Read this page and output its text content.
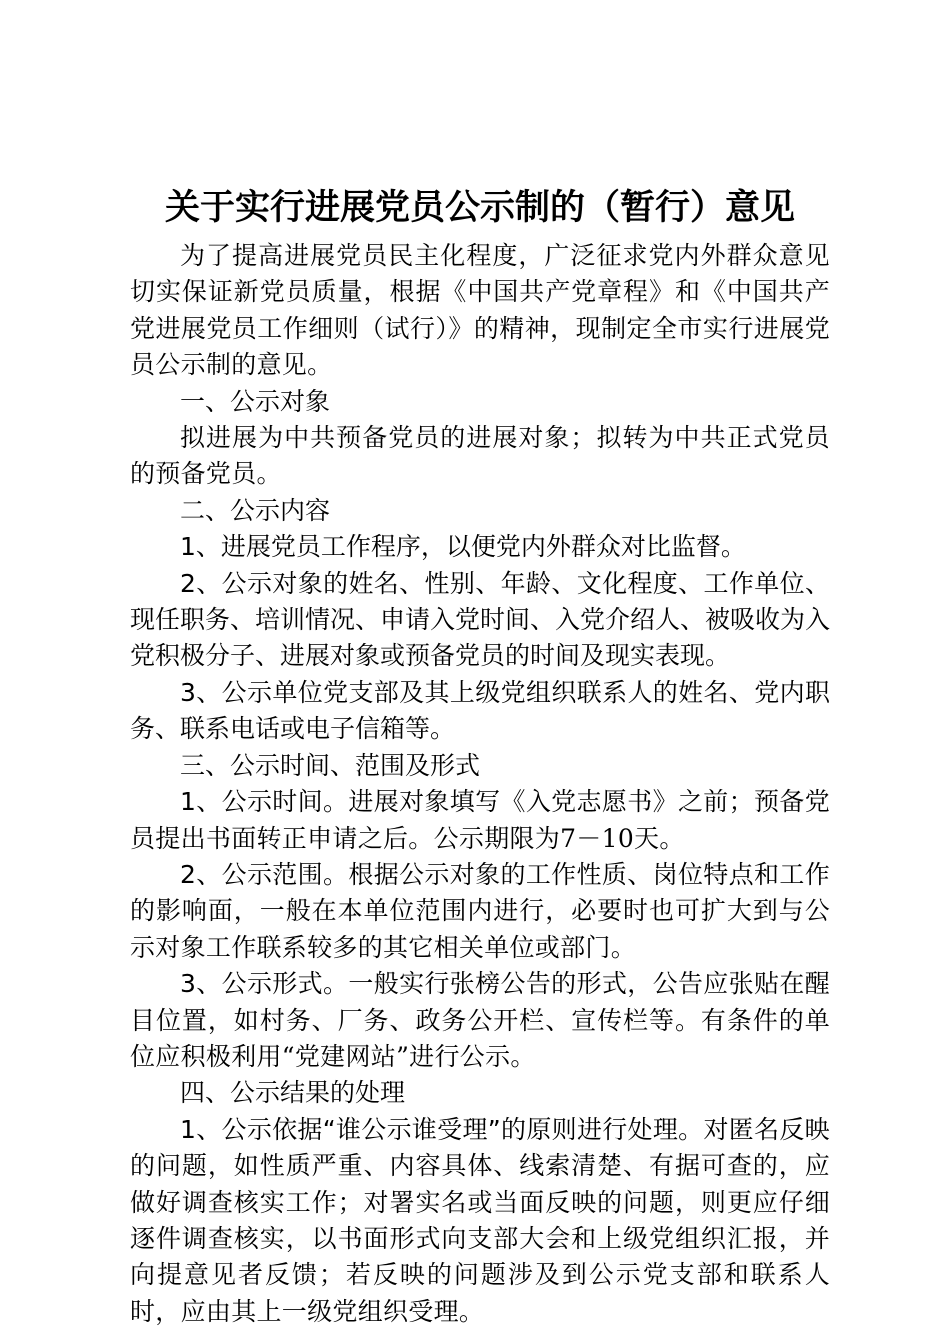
关于实行进展党员公示制的（暂行）意见

为了提高进展党员民主化程度，广泛征求党内外群众意见切实保证新党员质量，根据《中国共产党章程》和《中国共产党进展党员工作细则（试行）》的精神，现制定全市实行进展党员公示制的意见。

一、公示对象

拟进展为中共预备党员的进展对象；拟转为中共正式党员的预备党员。

二、公示内容

1、进展党员工作程序，以便党内外群众对比监督。

2、公示对象的姓名、性别、年龄、文化程度、工作单位、现任职务、培训情况、申请入党时间、入党介绍人、被吸收为入党积极分子、进展对象或预备党员的时间及现实表现。

3、公示单位党支部及其上级党组织联系人的姓名、党内职务、联系电话或电子信箱等。

三、公示时间、范围及形式

1、公示时间。进展对象填写《入党志愿书》之前；预备党员提出书面转正申请之后。公示期限为7－10天。

2、公示范围。根据公示对象的工作性质、岗位特点和工作的影响面，一般在本单位范围内进行，必要时也可扩大到与公示对象工作联系较多的其它相关单位或部门。

3、公示形式。一般实行张榜公告的形式，公告应张贴在醒目位置，如村务、厂务、政务公开栏、宣传栏等。有条件的单位应积极利用“党建网站”进行公示。

四、公示结果的处理

1、公示依据“谁公示谁受理”的原则进行处理。对匿名反映的问题，如性质严重、内容具体、线索清楚、有据可查的，应做好调查核实工作；对署实名或当面反映的问题，则更应仔细逐件调查核实，以书面形式向支部大会和上级党组织汇报，并向提意见者反馈；若反映的问题涉及到公示党支部和联系人时，应由其上一级党组织受理。
